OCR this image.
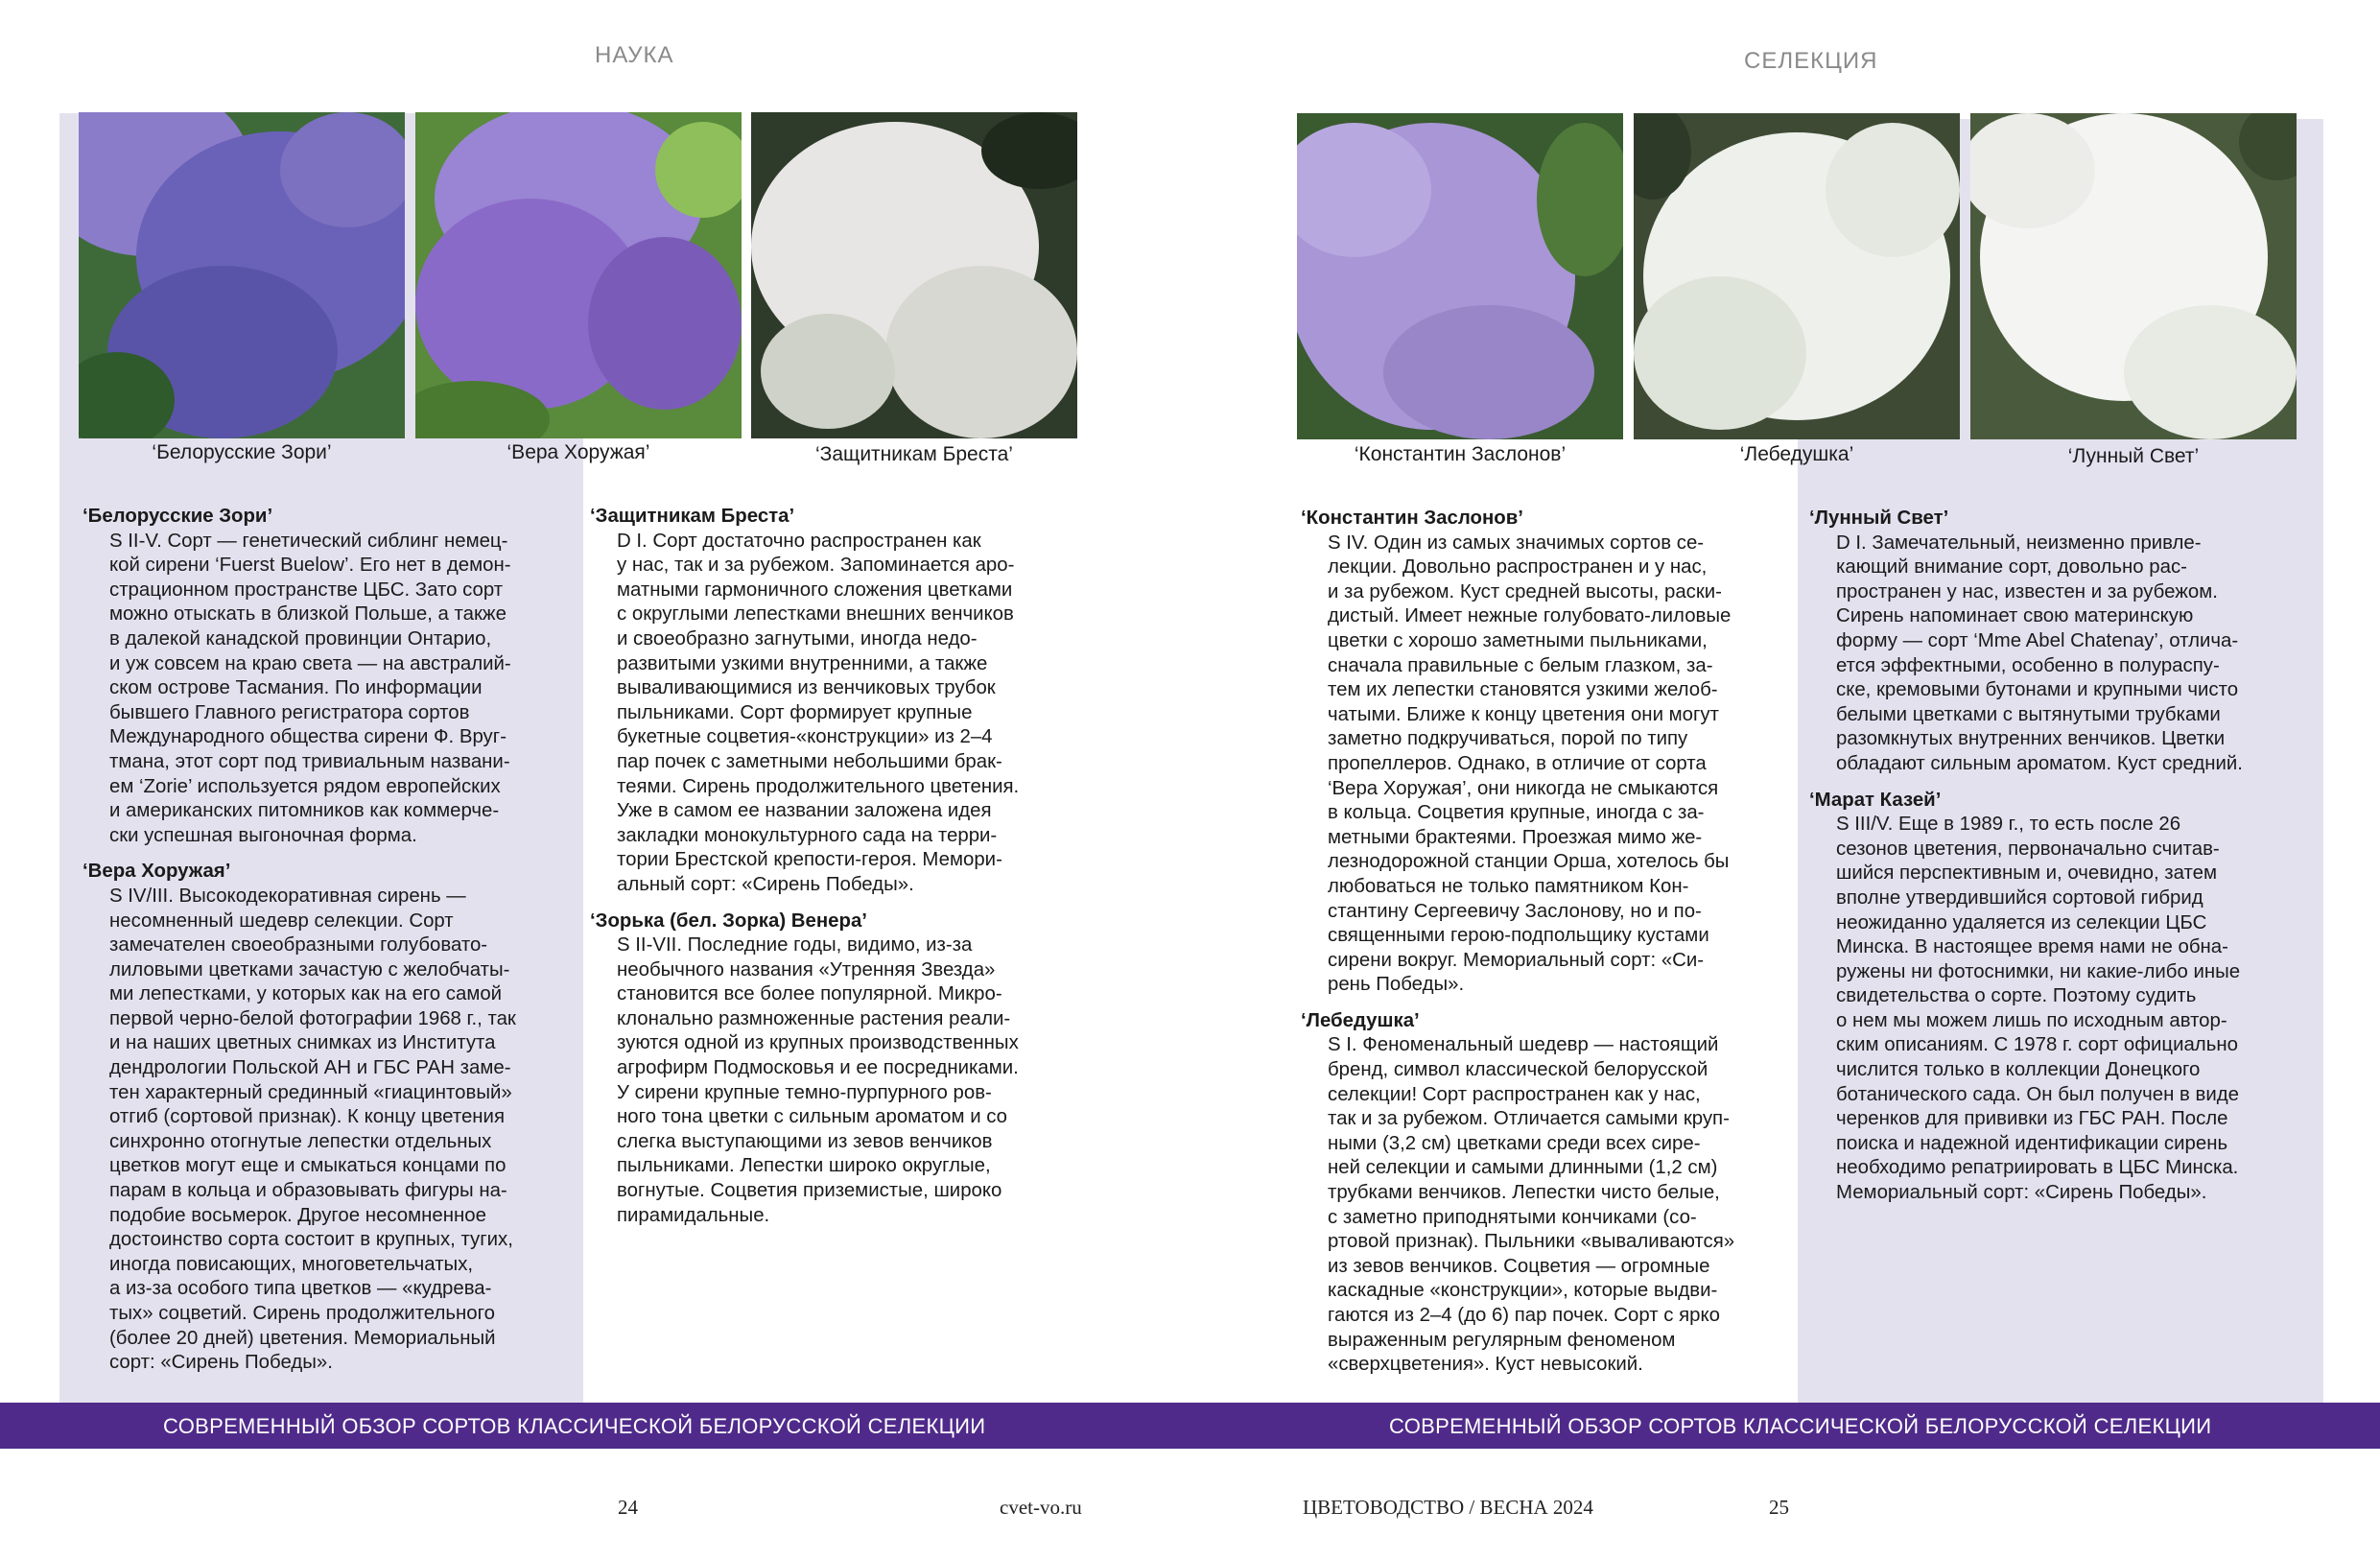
НАУКА	СЕЛЕКЦИЯ
‘Белорусские Зори’	‘Вера Хоружая’	‘Защитникам Бреста’	‘Константин Заслонов’	‘Лебедушка’	‘Лунный Свет’
‘Белорусские Зори’

S II-V. Сорт — генетический сиблинг немец-
кой сирени ‘Fuerst Buelow’. Его нет в демон-
страционном пространстве ЦБС. Зато сорт
можно отыскать в близкой Польше, а также
в далекой канадской провинции Онтарио,
и уж совсем на краю света — на австралий-
ском острове Тасмания. По информации
бывшего Главного регистратора сортов
Международного общества сирени Ф. Вруг-
тмана, этот сорт под тривиальным названи-
ем ‘Zorie’ используется рядом европейских
и американских питомников как коммерче-
ски успешная выгоночная форма.

‘Вера Хоружая’

S IV/III. Высокодекоративная сирень —
несомненный шедевр селекции. Сорт
замечателен своеобразными голубовато-
лиловыми цветками зачастую с желобчаты-
ми лепестками, у которых как на его самой
первой черно-белой фотографии 1968 г., так
и на наших цветных снимках из Института
дендрологии Польской АН и ГБС РАН заме-
тен характерный срединный «гиацинтовый»
отгиб (сортовой признак). К концу цветения
синхронно отогнутые лепестки отдельных
цветков могут еще и смыкаться концами по
парам в кольца и образовывать фигуры на-
подобие восьмерок. Другое несомненное
достоинство сорта состоит в крупных, тугих,
иногда повисающих, многоветельчатых,
а из-за особого типа цветков — «кудрева-
тых» соцветий. Сирень продолжительного
(более 20 дней) цветения. Мемориальный
сорт: «Сирень Победы».

‘Защитникам Бреста’

D I. Сорт достаточно распространен как
у нас, так и за рубежом. Запоминается аро-
матными гармоничного сложения цветками
с округлыми лепестками внешних венчиков
и своеобразно загнутыми, иногда недо-
развитыми узкими внутренними, а также
вываливающимися из венчиковых трубок
пыльниками. Сорт формирует крупные
букетные соцветия-«конструкции» из 2–4
пар почек с заметными небольшими брак-
теями. Сирень продолжительного цветения.
Уже в самом ее названии заложена идея
закладки монокультурного сада на терри-
тории Брестской крепости-героя. Мемори-
альный сорт: «Сирень Победы».

‘Зорька (бел. Зорка) Венера’

S II-VII. Последние годы, видимо, из-за
необычного названия «Утренняя Звезда»
становится все более популярной. Микро-
клонально размноженные растения реали-
зуются одной из крупных производственных
агрофирм Подмосковья и ее посредниками.
У сирени крупные темно-пурпурного ров-
ного тона цветки с сильным ароматом и со
слегка выступающими из зевов венчиков
пыльниками. Лепестки широко округлые,
вогнутые. Соцветия приземистые, широко
пирамидальные.

‘Константин Заслонов’

S IV. Один из самых значимых сортов се-
лекции. Довольно распространен и у нас,
и за рубежом. Куст средней высоты, раски-
дистый. Имеет нежные голубовато-лиловые
цветки с хорошо заметными пыльниками,
сначала правильные с белым глазком, за-
тем их лепестки становятся узкими желоб-
чатыми. Ближе к концу цветения они могут
заметно подкручиваться, порой по типу
пропеллеров. Однако, в отличие от сорта
‘Вера Хоружая’, они никогда не смыкаются
в кольца. Соцветия крупные, иногда с за-
метными брактеями. Проезжая мимо же-
лезнодорожной станции Орша, хотелось бы
любоваться не только памятником Кон-
стантину Сергеевичу Заслонову, но и по-
священными герою-подпольщику кустами
сирени вокруг. Мемориальный сорт: «Си-
рень Победы».

‘Лебедушка’

S I. Феноменальный шедевр — настоящий
бренд, символ классической белорусской
селекции! Сорт распространен как у нас,
так и за рубежом. Отличается самыми круп-
ными (3,2 см) цветками среди всех сире-
ней селекции и самыми длинными (1,2 см)
трубками венчиков. Лепестки чисто белые,
с заметно приподнятыми кончиками (со-
ртовой признак). Пыльники «вываливаются»
из зевов венчиков. Соцветия — огромные
каскадные «конструкции», которые выдви-
гаются из 2–4 (до 6) пар почек. Сорт с ярко
выраженным регулярным феноменом
«сверхцветения». Куст невысокий.

‘Лунный Свет’

D I. Замечательный, неизменно привле-
кающий внимание сорт, довольно рас-
пространен у нас, известен и за рубежом.
Сирень напоминает свою материнскую
форму — сорт ‘Mme Abel Chatenay’, отлича-
ется эффектными, особенно в полураспу-
ске, кремовыми бутонами и крупными чисто
белыми цветками с вытянутыми трубками
разомкнутых внутренних венчиков. Цветки
обладают сильным ароматом. Куст средний.

‘Марат Казей’

S III/V. Еще в 1989 г., то есть после 26
сезонов цветения, первоначально считав-
шийся перспективным и, очевидно, затем
вполне утвердившийся сортовой гибрид
неожиданно удаляется из селекции ЦБС
Минска. В настоящее время нами не обна-
ружены ни фотоснимки, ни какие-либо иные
свидетельства о сорте. Поэтому судить
о нем мы можем лишь по исходным автор-
ским описаниям. С 1978 г. сорт официально
числится только в коллекции Донецкого
ботанического сада. Он был получен в виде
черенков для прививки из ГБС РАН. После
поиска и надежной идентификации сирень
необходимо репатриировать в ЦБС Минска.
Мемориальный сорт: «Сирень Победы».

СОВРЕМЕННЫЙ ОБЗОР СОРТОВ КЛАССИЧЕСКОЙ БЕЛОРУССКОЙ СЕЛЕКЦИИ	СОВРЕМЕННЫЙ ОБЗОР СОРТОВ КЛАССИЧЕСКОЙ БЕЛОРУССКОЙ СЕЛЕКЦИИ
24	cvet-vo.ru	ЦВЕТОВОДСТВО / ВЕСНА 2024	25
